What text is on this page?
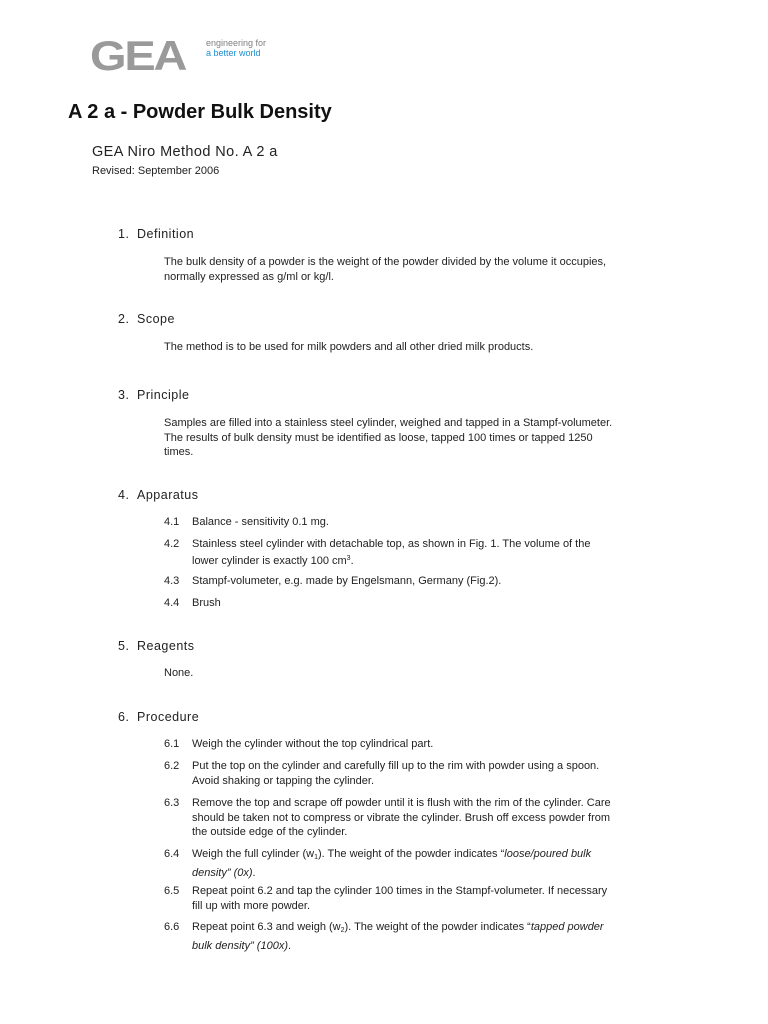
GEA engineering for
a better world
A 2 a - Powder Bulk Density
GEA Niro Method No. A 2 a
Revised: September 2006
1. Definition
The bulk density of a powder is the weight of the powder divided by the volume it occupies,
normally expressed as g/ml or kg/l.
2. Scope
The method is to be used for milk powders and all other dried milk products.
3. Principle
Samples are filled into a stainless steel cylinder, weighed and tapped in a Stampf-volumeter.
The results of bulk density must be identified as loose, tapped 100 times or tapped 1250
times.
4. Apparatus
4.1 Balance - sensitivity 0.1 mg.
4.2 Stainless steel cylinder with detachable top, as shown in Fig. 1. The volume of the
lower cylinder is exactly 100 $cm^3$.
4.3 Stampf-volumeter, e.g. made by Engelsmann, Germany (Fig.2).
4.4 Brush
5. Reagents
None.
6. Procedure
6.1 Weigh the cylinder without the top cylindrical part.
6.2 Put the top on the cylinder and carefully fill up to the rim with powder using a spoon.
Avoid shaking or tapping the cylinder.
6.3 Remove the top and scrape off powder until it is flush with the rim of the cylinder. Care
should be taken not to compress or vibrate the cylinder. Brush off excess powder from
the outside edge of the cylinder.
6.4 Weigh the full cylinder $(w_1)$. The weight of the powder indicates “loose/poured bulk
density” (0x).
6.5 Repeat point 6.2 and tap the cylinder 100 times in the Stampf-volumeter. If necessary
fill up with more powder.
6.6 Repeat point 6.3 and weigh $(w_2)$. The weight of the powder indicates “tapped powder
bulk density” (100x).
